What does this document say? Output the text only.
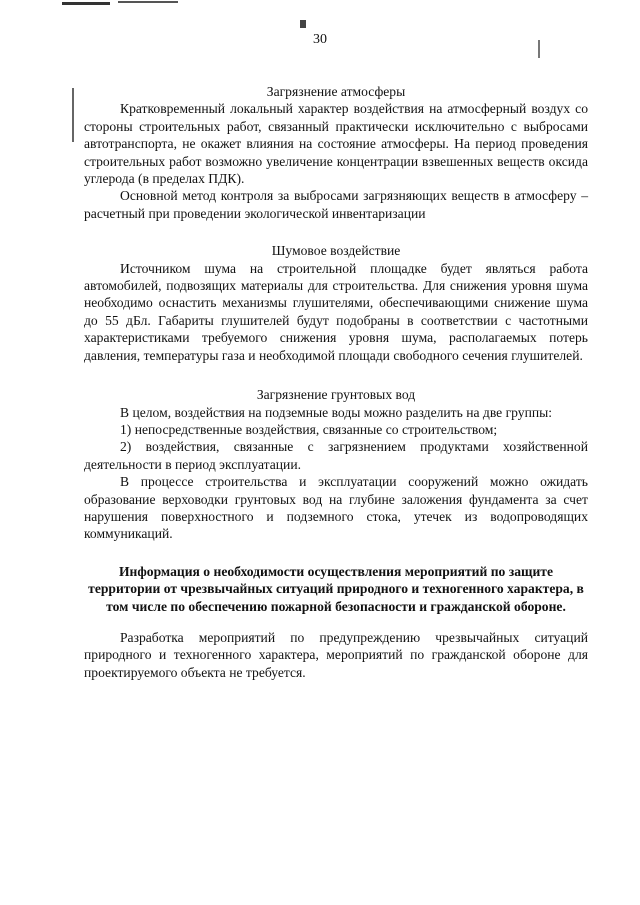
30

Загрязнение атмосферы

Кратковременный локальный характер воздействия на атмосферный воздух со стороны строительных работ, связанный практически исключительно с выбросами автотранспорта, не окажет влияния на состояние атмосферы. На период проведения строительных работ возможно увеличение концентрации взвешенных веществ оксида углерода (в пределах ПДК).

Основной метод контроля за выбросами загрязняющих веществ в атмосферу – расчетный при проведении экологической инвентаризации

Шумовое воздействие

Источником шума на строительной площадке будет являться работа автомобилей, подвозящих материалы для строительства. Для снижения уровня шума необходимо оснастить механизмы глушителями, обеспечивающими снижение шума до 55 дБл. Габариты глушителей будут подобраны в соответствии с частотными характеристиками требуемого снижения уровня шума, располагаемых потерь давления, температуры газа и необходимой площади свободного сечения глушителей.

Загрязнение грунтовых вод

В целом, воздействия на подземные воды можно разделить на две группы:

1) непосредственные воздействия, связанные со строительством;

2) воздействия, связанные с загрязнением продуктами хозяйственной деятельности в период эксплуатации.

В процессе строительства и эксплуатации сооружений можно ожидать образование верховодки грунтовых вод на глубине заложения фундамента за счет нарушения поверхностного и подземного стока, утечек из водопроводящих коммуникаций.

Информация о необходимости осуществления мероприятий по защите территории от чрезвычайных ситуаций природного и техногенного характера, в том числе по обеспечению пожарной безопасности и гражданской обороне.

Разработка мероприятий по предупреждению чрезвычайных ситуаций природного и техногенного характера, мероприятий по гражданской обороне для проектируемого объекта не требуется.
